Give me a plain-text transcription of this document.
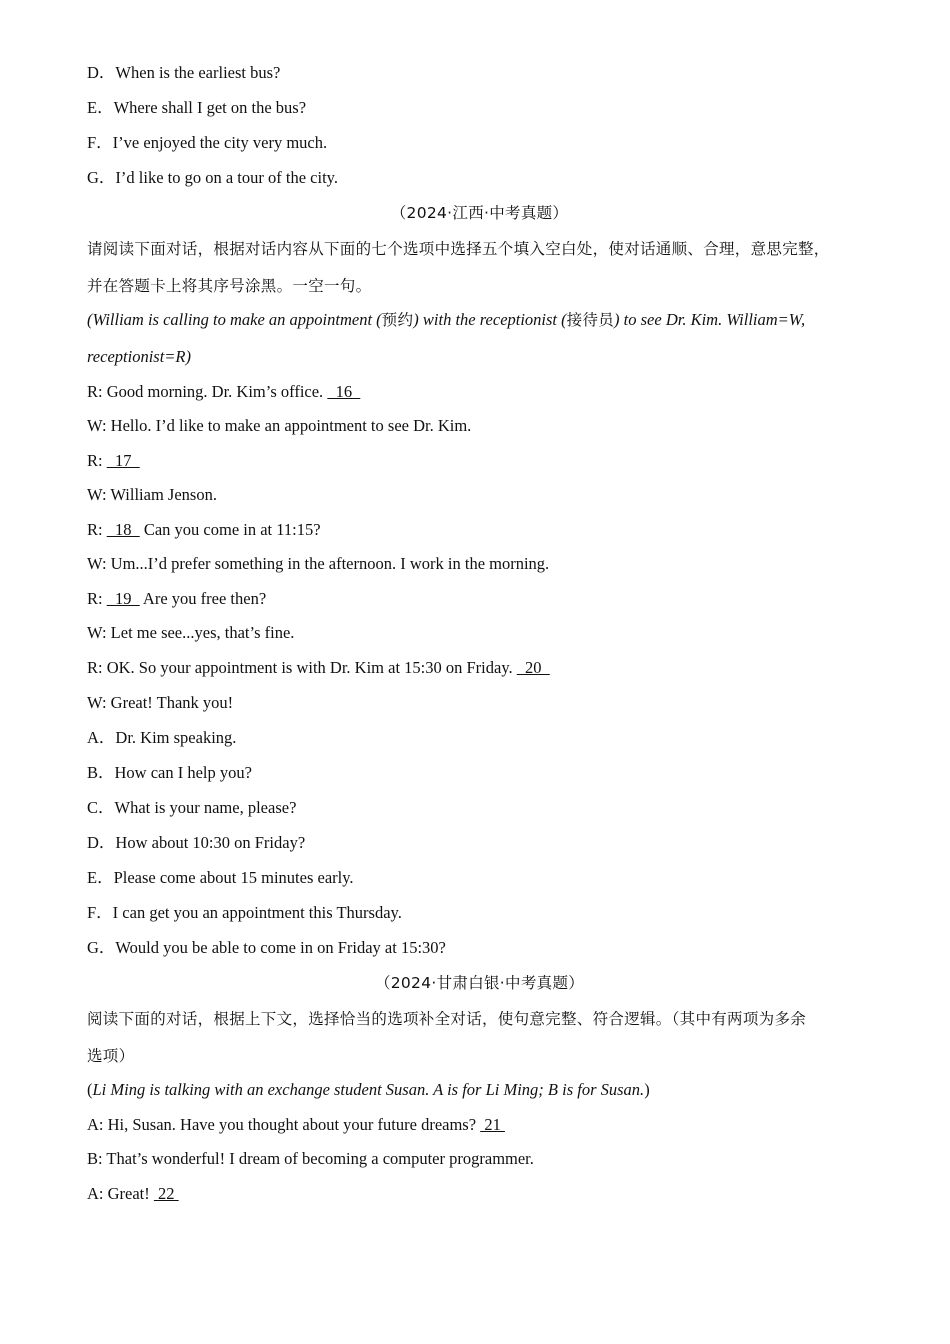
D．When is the earliest bus?
E．Where shall I get on the bus?
F．I’ve enjoyed the city very much.
G．I’d like to go on a tour of the city.
（2024·江西·中考真题）
请阅读下面对话，根据对话内容从下面的七个选项中选择五个填入空白处，使对话通顺、合理，意思完整，
并在答题卡上将其序号涂黑。一空一句。
(William is calling to make an appointment (预约) with the receptionist (接待员) to see Dr. Kim. William=W,
receptionist=R)
R: Good morning. Dr. Kim’s office.   16
W: Hello. I’d like to make an appointment to see Dr. Kim.
R:   17
W: William Jenson.
R:   18   Can you come in at 11:15?
W: Um...I’d prefer something in the afternoon. I work in the morning.
R:   19   Are you free then?
W: Let me see...yes, that’s fine.
R: OK. So your appointment is with Dr. Kim at 15:30 on Friday.   20
W: Great! Thank you!
A．Dr. Kim speaking.
B．How can I help you?
C．What is your name, please?
D．How about 10:30 on Friday?
E．Please come about 15 minutes early.
F．I can get you an appointment this Thursday.
G．Would you be able to come in on Friday at 15:30?
（2024·甘肃白银·中考真题）
阅读下面的对话，根据上下文，选择恰当的选项补全对话，使句意完整、符合逻辑。（其中有两项为多余
选项）
(Li Ming is talking with an exchange student Susan. A is for Li Ming; B is for Susan.)
A: Hi, Susan. Have you thought about your future dreams?  21
B: That’s wonderful! I dream of becoming a computer programmer.
A: Great!  22
